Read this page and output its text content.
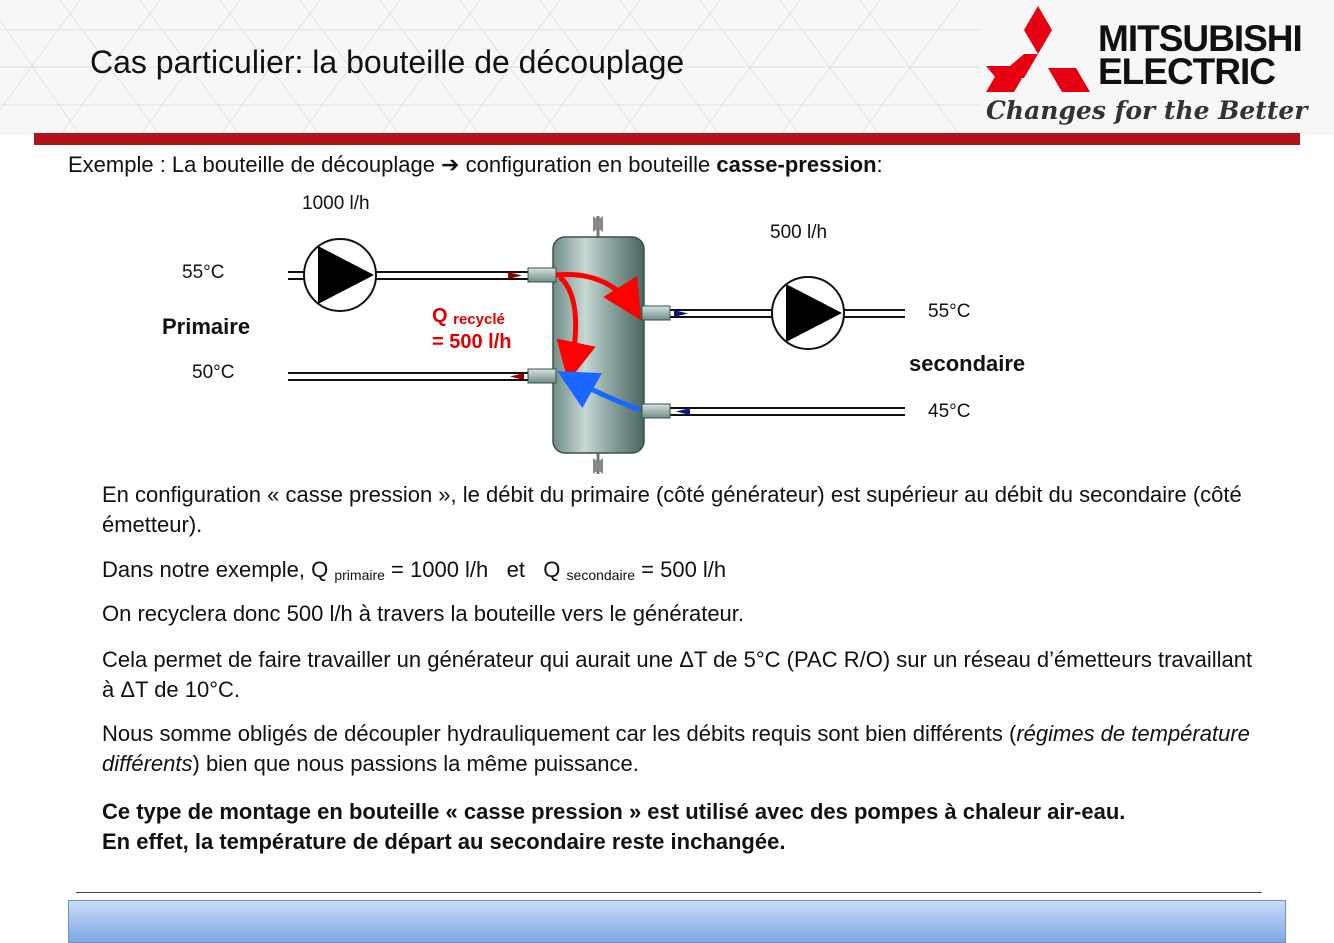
Cas particulier: la bouteille de découplage
MITSUBISHI
ELECTRIC
Changes for the Better
Exemple : La bouteille de découplage ➔ configuration en bouteille casse-pression:
1000 l/h
500 l/h
55°C
Primaire
50°C
55°C
secondaire
45°C
Q $_{recyclé}$
= 500 l/h
En configuration « casse pression », le débit du primaire (côté générateur) est supérieur au débit du secondaire (côté émetteur).
Dans notre exemple, Q $_{primaire}$ = 1000 l/h   et   Q $_{secondaire}$ = 500 l/h
On recyclera donc 500 l/h à travers la bouteille vers le générateur.
Cela permet de faire travailler un générateur qui aurait une ΔT de 5°C (PAC R/O) sur un réseau d’émetteurs travaillant à ΔT de 10°C.
Nous somme obligés de découpler hydrauliquement car les débits requis sont bien différents (régimes de température différents) bien que nous passions la même puissance.
Ce type de montage en bouteille « casse pression » est utilisé avec des pompes à chaleur air-eau.
En effet, la température de départ au secondaire reste inchangée.
